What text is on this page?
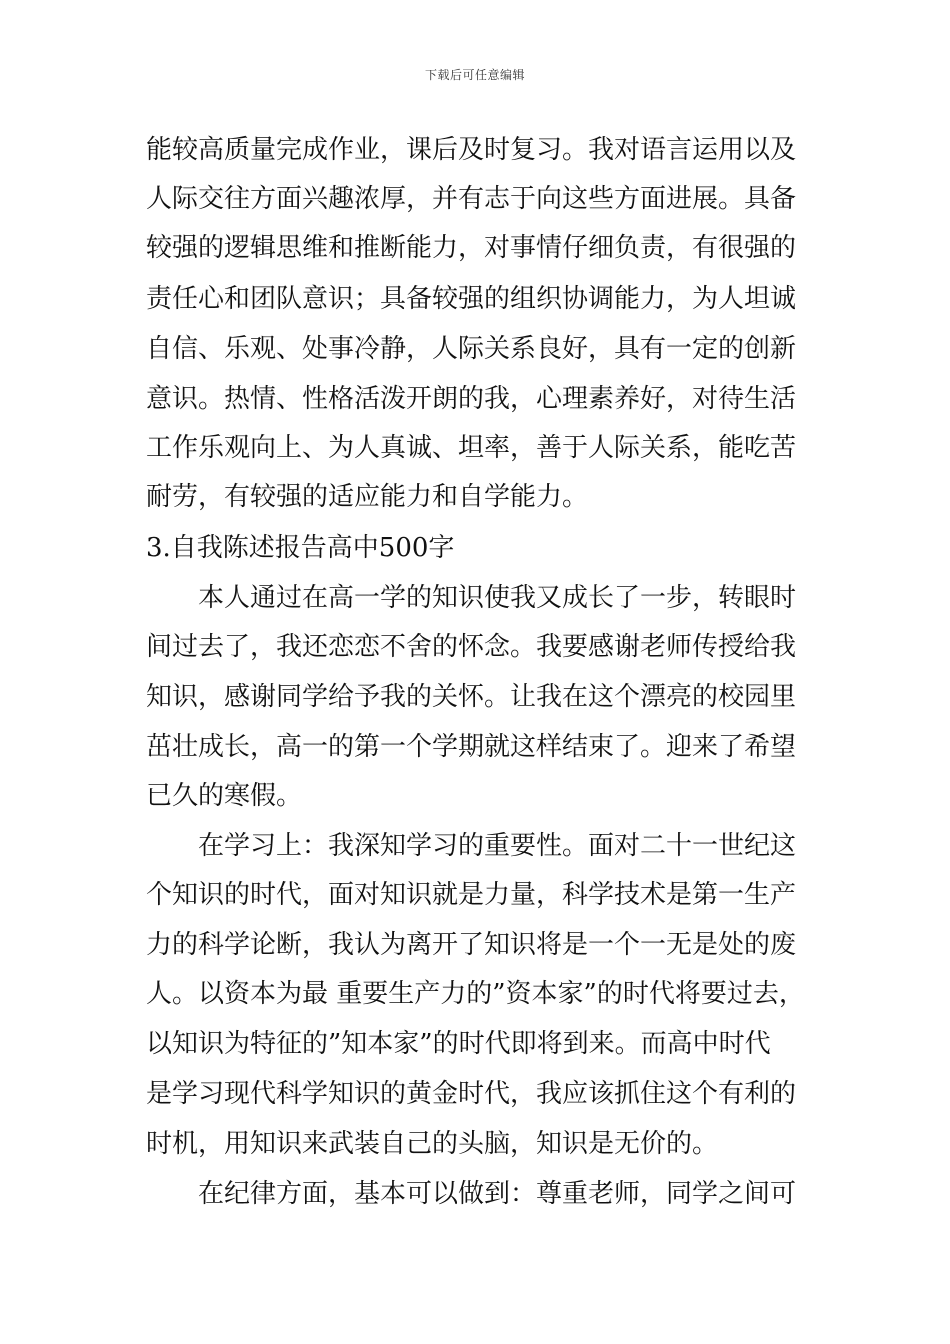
下载后可任意编辑
能较高质量完成作业，课后及时复习。我对语言运用以及
人际交往方面兴趣浓厚，并有志于向这些方面进展。具备
较强的逻辑思维和推断能力，对事情仔细负责，有很强的
责任心和团队意识；具备较强的组织协调能力，为人坦诚
自信、乐观、处事冷静，人际关系良好，具有一定的创新
意识。热情、性格活泼开朗的我，心理素养好，对待生活
工作乐观向上、为人真诚、坦率，善于人际关系，能吃苦
耐劳，有较强的适应能力和自学能力。
3.自我陈述报告高中500字
本人通过在高一学的知识使我又成长了一步，转眼时
间过去了，我还恋恋不舍的怀念。我要感谢老师传授给我
知识，感谢同学给予我的关怀。让我在这个漂亮的校园里
茁壮成长，高一的第一个学期就这样结束了。迎来了希望
已久的寒假。
在学习上：我深知学习的重要性。面对二十一世纪这
个知识的时代，面对知识就是力量，科学技术是第一生产
力的科学论断，我认为离开了知识将是一个一无是处的废
人。以资本为最 重要生产力的”资本家”的时代将要过去，
以知识为特征的”知本家”的时代即将到来。而高中时代
是学习现代科学知识的黄金时代，我应该抓住这个有利的
时机，用知识来武装自己的头脑，知识是无价的。
在纪律方面，基本可以做到：尊重老师，同学之间可
